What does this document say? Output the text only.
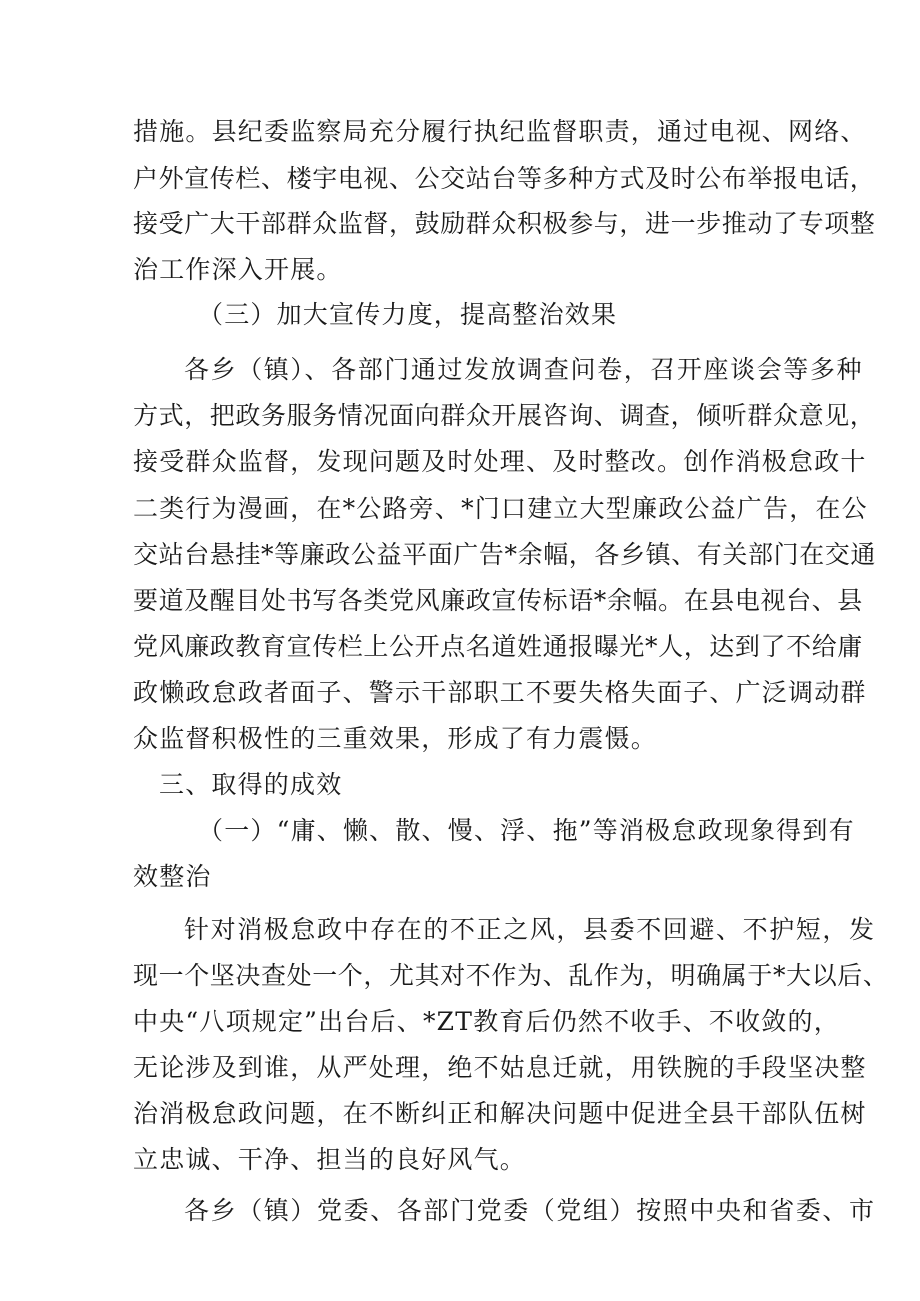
措施。县纪委监察局充分履行执纪监督职责，通过电视、网络、
户外宣传栏、楼宇电视、公交站台等多种方式及时公布举报电话，
接受广大干部群众监督，鼓励群众积极参与，进一步推动了专项整
治工作深入开展。
（三）加大宣传力度，提高整治效果
各乡（镇）、各部门通过发放调查问卷，召开座谈会等多种
方式，把政务服务情况面向群众开展咨询、调查，倾听群众意见，
接受群众监督，发现问题及时处理、及时整改。创作消极怠政十
二类行为漫画，在*公路旁、*门口建立大型廉政公益广告，在公
交站台悬挂*等廉政公益平面广告*余幅，各乡镇、有关部门在交通
要道及醒目处书写各类党风廉政宣传标语*余幅。在县电视台、县
党风廉政教育宣传栏上公开点名道姓通报曝光*人，达到了不给庸
政懒政怠政者面子、警示干部职工不要失格失面子、广泛调动群
众监督积极性的三重效果，形成了有力震慑。
三、取得的成效
（一）“庸、懒、散、慢、浮、拖”等消极怠政现象得到有
效整治
针对消极怠政中存在的不正之风，县委不回避、不护短，发
现一个坚决查处一个，尤其对不作为、乱作为，明确属于*大以后、
中央“八项规定”出台后、*ZT教育后仍然不收手、不收敛的，
无论涉及到谁，从严处理，绝不姑息迁就，用铁腕的手段坚决整
治消极怠政问题，在不断纠正和解决问题中促进全县干部队伍树
立忠诚、干净、担当的良好风气。
各乡（镇）党委、各部门党委（党组）按照中央和省委、市
